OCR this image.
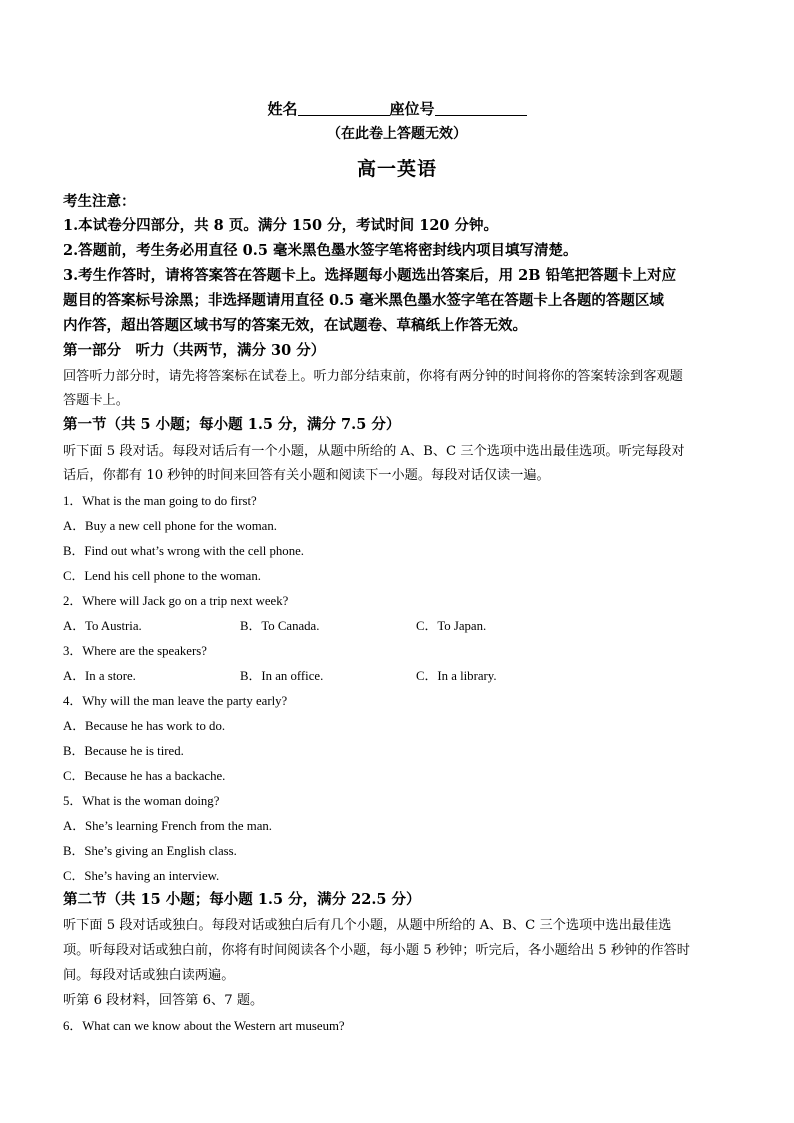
姓名	座位号
（在此卷上答题无效）
高一英语
考生注意：
1.本试卷分四部分，共 8 页。满分 150 分，考试时间 120 分钟。
2.答题前，考生务必用直径 0.5 毫米黑色墨水签字笔将密封线内项目填写清楚。
3.考生作答时，请将答案答在答题卡上。选择题每小题选出答案后，用 2B 铅笔把答题卡上对应
题目的答案标号涂黑；非选择题请用直径 0.5 毫米黑色墨水签字笔在答题卡上各题的答题区域
内作答，超出答题区域书写的答案无效，在试题卷、草稿纸上作答无效。
第一部分　听力（共两节，满分 30 分）
回答听力部分时，请先将答案标在试卷上。听力部分结束前，你将有两分钟的时间将你的答案转涂到客观题
答题卡上。
第一节（共 5 小题；每小题 1.5 分，满分 7.5 分）
听下面 5 段对话。每段对话后有一个小题，从题中所给的 A、B、C 三个选项中选出最佳选项。听完每段对
话后，你都有 10 秒钟的时间来回答有关小题和阅读下一小题。每段对话仅读一遍。
1．What is the man going to do first?
A．Buy a new cell phone for the woman.
B．Find out what’s wrong with the cell phone.
C．Lend his cell phone to the woman.
2．Where will Jack go on a trip next week?
A．To Austria.	B．To Canada.	C．To Japan.
3．Where are the speakers?
A．In a store.	B．In an office.	C．In a library.
4．Why will the man leave the party early?
A．Because he has work to do.
B．Because he is tired.
C．Because he has a backache.
5．What is the woman doing?
A．She’s learning French from the man.
B．She’s giving an English class.
C．She’s having an interview.
第二节（共 15 小题；每小题 1.5 分，满分 22.5 分）
听下面 5 段对话或独白。每段对话或独白后有几个小题，从题中所给的 A、B、C 三个选项中选出最佳选
项。听每段对话或独白前，你将有时间阅读各个小题，每小题 5 秒钟；听完后，各小题给出 5 秒钟的作答时
间。每段对话或独白读两遍。
听第 6 段材料，回答第 6、7 题。
6．What can we know about the Western art museum?
